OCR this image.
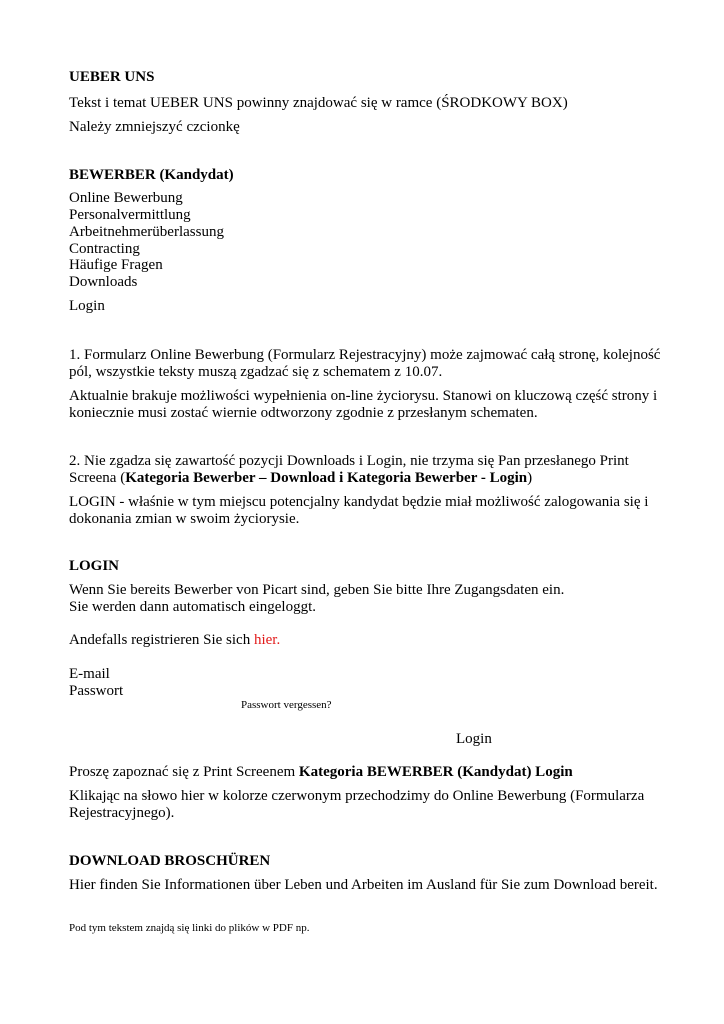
UEBER UNS
Tekst i temat UEBER UNS powinny znajdować się w ramce (ŚRODKOWY BOX)
Należy zmniejszyć czcionkę
BEWERBER (Kandydat)
Online Bewerbung
Personalvermittlung
Arbeitnehmerüberlassung
Contracting
Häufige Fragen
Downloads
Login
1. Formularz Online Bewerbung (Formularz Rejestracyjny) może zajmować całą stronę, kolejność
pól, wszystkie teksty muszą zgadzać się z schematem z 10.07.
Aktualnie brakuje możliwości wypełnienia on-line życiorysu. Stanowi on kluczową część strony i
koniecznie musi zostać wiernie odtworzony zgodnie z przesłanym schematen.
2. Nie zgadza się zawartość pozycji Downloads i Login, nie trzyma się Pan przesłanego Print
Screena (Kategoria Bewerber – Download i Kategoria Bewerber - Login)
LOGIN - właśnie w tym miejscu potencjalny kandydat będzie miał możliwość zalogowania się i
dokonania zmian w swoim życiorysie.
LOGIN
Wenn Sie bereits Bewerber von Picart sind, geben Sie bitte Ihre Zugangsdaten ein.
Sie werden dann automatisch eingeloggt.
Andefalls registrieren Sie sich hier.
E-mail
Passwort
Passwort vergessen?
Login
Proszę zapoznać się z Print Screenem Kategoria BEWERBER (Kandydat) Login
Klikając na słowo hier w kolorze czerwonym przechodzimy do Online Bewerbung (Formularza
Rejestracyjnego).
DOWNLOAD BROSCHÜREN
Hier finden Sie Informationen über Leben und Arbeiten im Ausland für Sie zum Download bereit.
Pod tym tekstem znajdą się linki do plików w PDF np.
